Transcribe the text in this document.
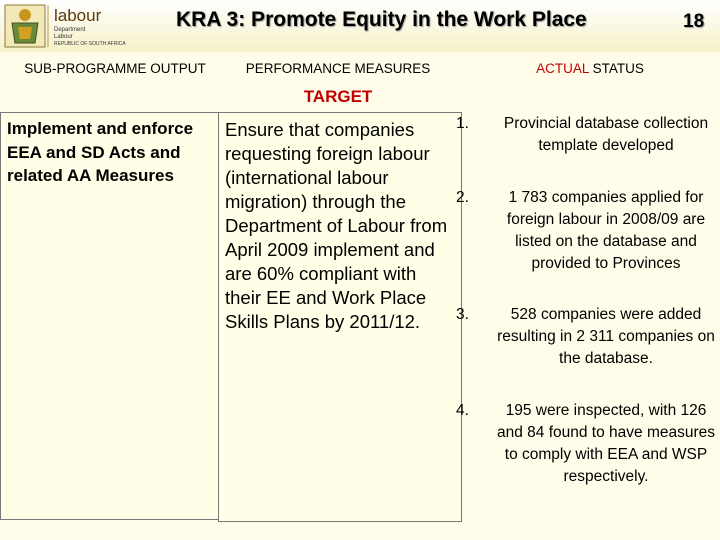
labour
Department
Labour
REPUBLIC OF SOUTH AFRICA
KRA 3: Promote Equity in the Work Place	18
SUB-PROGRAMME OUTPUT	PERFORMANCE MEASURES	ACTUAL STATUS
TARGET
Implement and enforce EEA and SD Acts and related AA Measures
Ensure that companies requesting foreign labour (international labour migration) through the Department of Labour from April 2009 implement and are 60% compliant with their EE and Work Place Skills Plans by 2011/12.
1.	Provincial database collection template developed
2.	1 783 companies applied for foreign labour in 2008/09 are listed on the database and provided to Provinces
3.	528 companies were added resulting in 2 311 companies on the database.
4.	195 were inspected, with 126 and 84 found to have measures to comply with EEA and WSP respectively.
